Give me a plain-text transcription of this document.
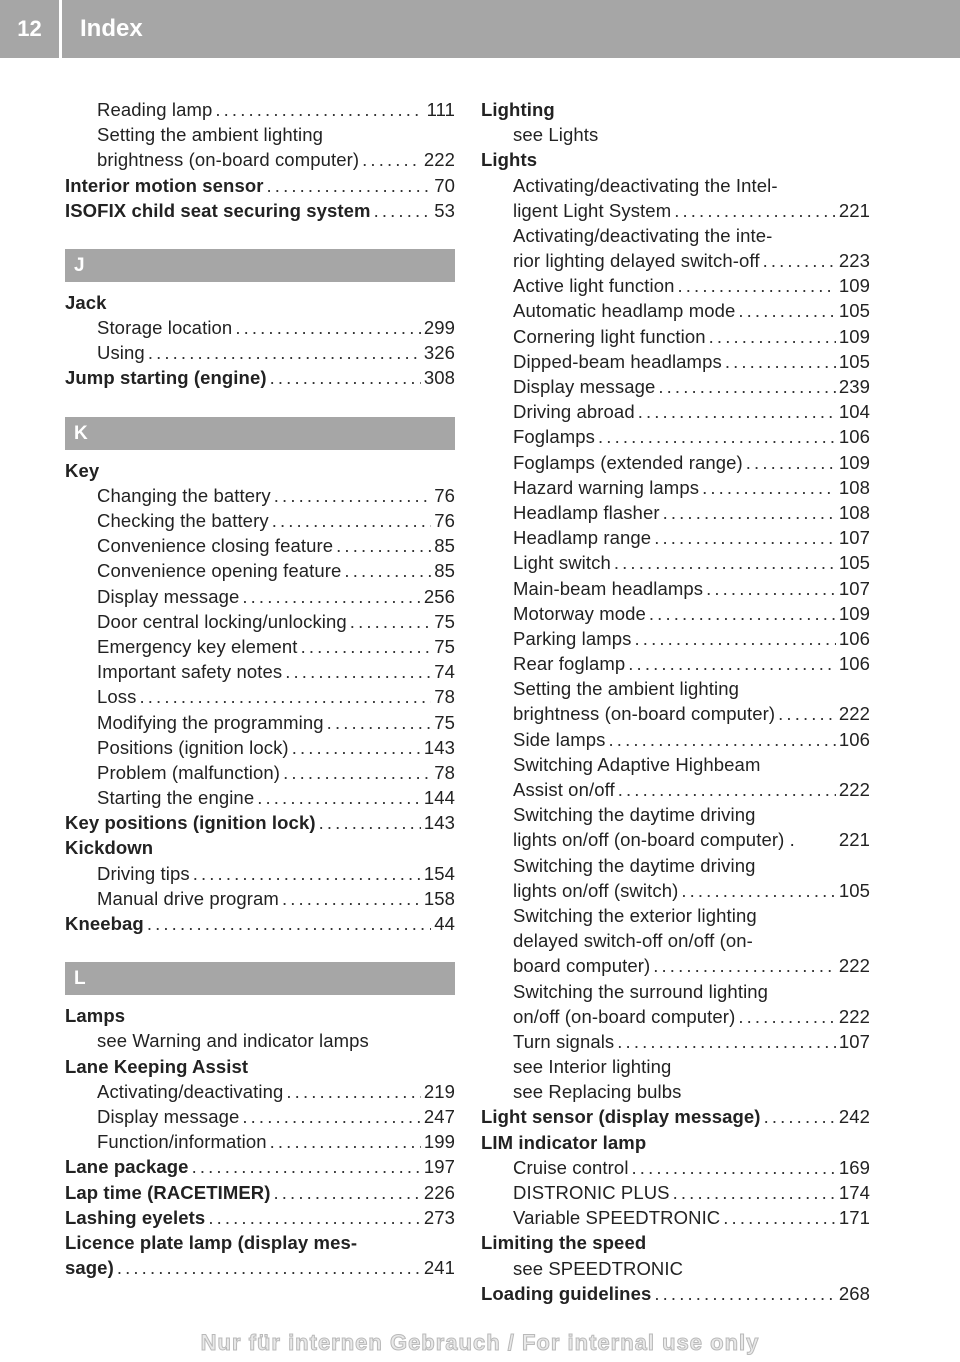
12	Index
Reading lamp . . .	111
Setting the ambient lighting
brightness (on-board computer) . . .	222
Interior motion sensor . . .	70
ISOFIX child seat securing system . . .	53
J
Jack
Storage location . . .	299
Using . . .	326
Jump starting (engine) . . .	308
K
Key
Changing the battery . . .	76
Checking the battery . . .	76
Convenience closing feature . . .	85
Convenience opening feature . . .	85
Display message . . .	256
Door central locking/unlocking . . .	75
Emergency key element . . .	75
Important safety notes . . .	74
Loss . . .	78
Modifying the programming . . .	75
Positions (ignition lock) . . .	143
Problem (malfunction) . . .	78
Starting the engine . . .	144
Key positions (ignition lock) . . .	143
Kickdown
Driving tips . . .	154
Manual drive program . . .	158
Kneebag . . .	44
L
Lamps
see Warning and indicator lamps
Lane Keeping Assist
Activating/deactivating . . .	219
Display message . . .	247
Function/information . . .	199
Lane package . . .	197
Lap time (RACETIMER) . . .	226
Lashing eyelets . . .	273
Licence plate lamp (display mes-
sage) . . .	241
Lighting
see Lights
Lights
Activating/deactivating the Intel-
ligent Light System . . .	221
Activating/deactivating the inte-
rior lighting delayed switch-off . . .	223
Active light function . . .	109
Automatic headlamp mode . . .	105
Cornering light function . . .	109
Dipped-beam headlamps . . .	105
Display message . . .	239
Driving abroad . . .	104
Foglamps . . .	106
Foglamps (extended range) . . .	109
Hazard warning lamps . . .	108
Headlamp flasher . . .	108
Headlamp range . . .	107
Light switch . . .	105
Main-beam headlamps . . .	107
Motorway mode . . .	109
Parking lamps . . .	106
Rear foglamp . . .	106
Setting the ambient lighting
brightness (on-board computer) . . .	222
Side lamps . . .	106
Switching Adaptive Highbeam
Assist on/off . . .	222
Switching the daytime driving
lights on/off (on-board computer) . 221
Switching the daytime driving
lights on/off (switch) . . .	105
Switching the exterior lighting
delayed switch-off on/off (on-
board computer) . . .	222
Switching the surround lighting
on/off (on-board computer) . . .	222
Turn signals . . .	107
see Interior lighting
see Replacing bulbs
Light sensor (display message) . . .	242
LIM indicator lamp
Cruise control . . .	169
DISTRONIC PLUS . . .	174
Variable SPEEDTRONIC . . .	171
Limiting the speed
see SPEEDTRONIC
Loading guidelines . . .	268
Nur für internen Gebrauch / For internal use only
